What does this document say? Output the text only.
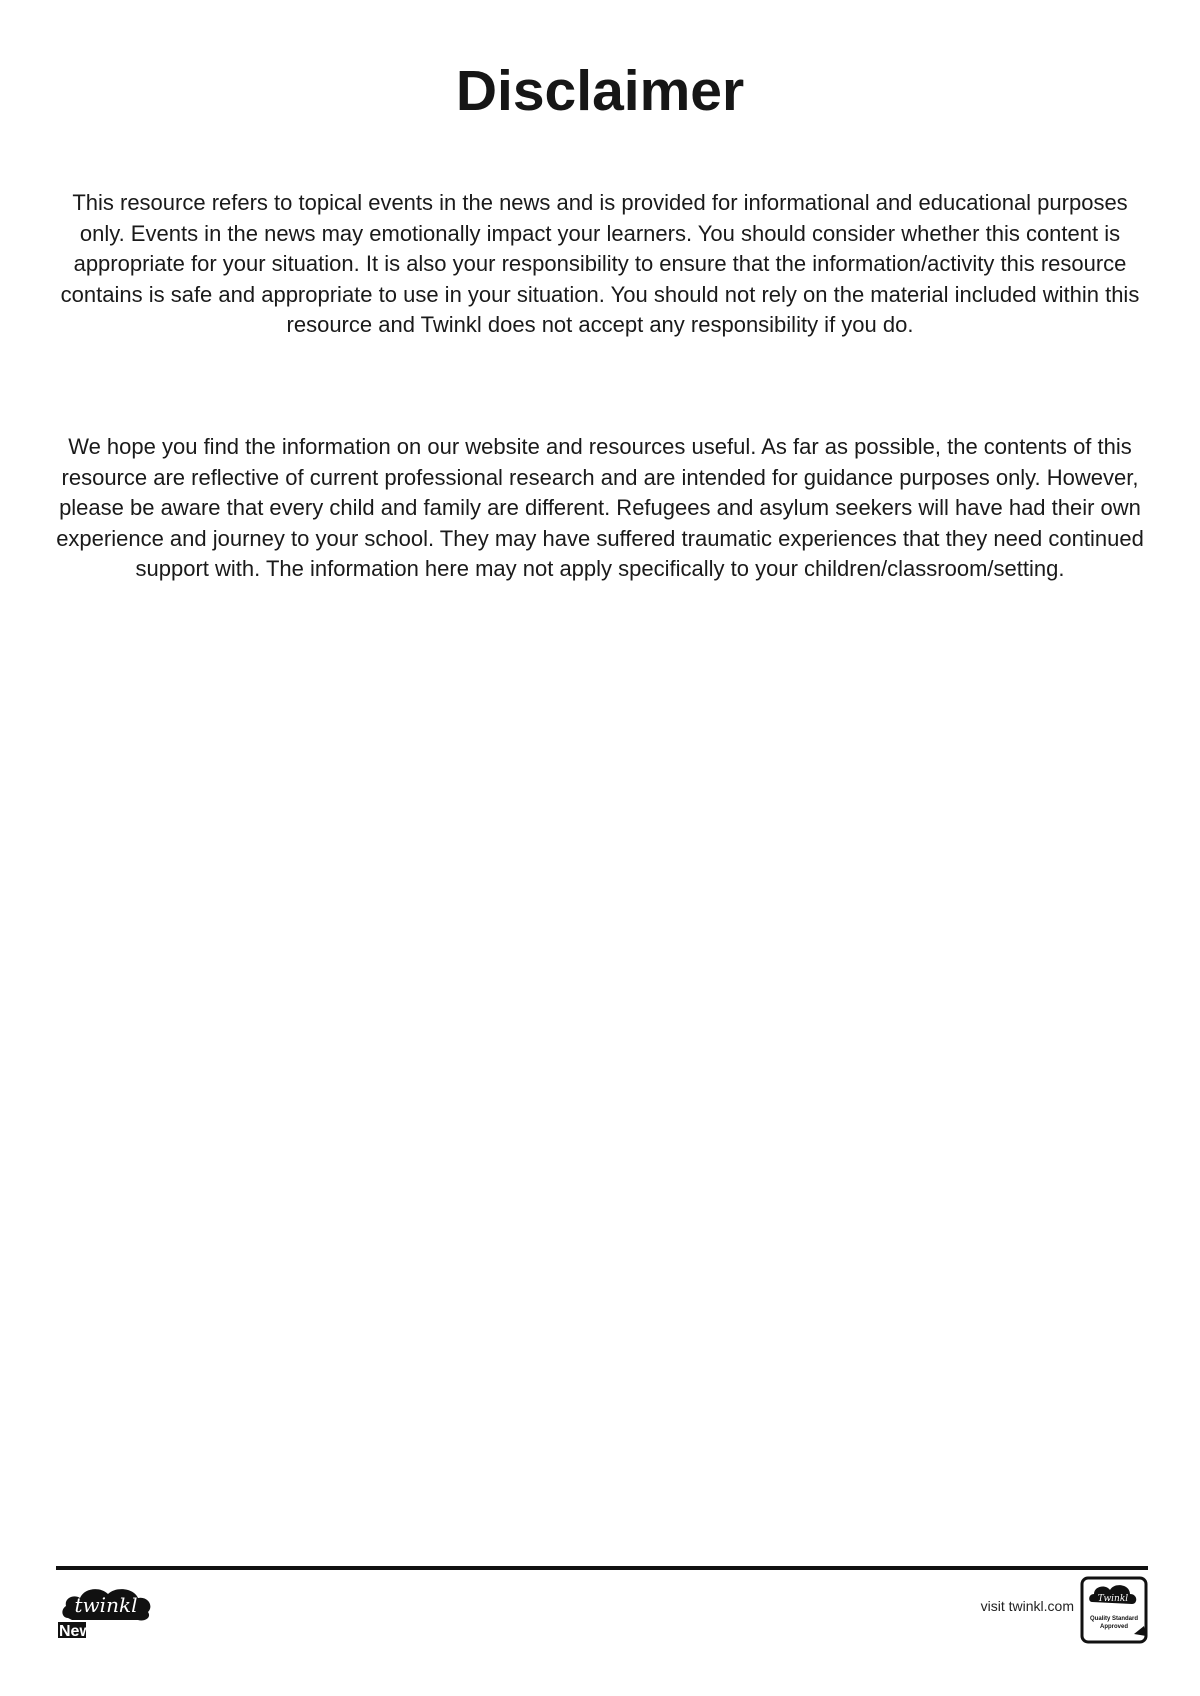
Disclaimer

This resource refers to topical events in the news and is provided for informational and educational purposes only. Events in the news may emotionally impact your learners. You should consider whether this content is appropriate for your situation. It is also your responsibility to ensure that the information/activity this resource contains is safe and appropriate to use in your situation. You should not rely on the material included within this resource and Twinkl does not accept any responsibility if you do.

We hope you find the information on our website and resources useful. As far as possible, the contents of this resource are reflective of current professional research and are intended for guidance purposes only. However, please be aware that every child and family are different. Refugees and asylum seekers will have had their own experience and journey to your school. They may have suffered traumatic experiences that they need continued support with. The information here may not apply specifically to your children/classroom/setting.

twinkl
NewsRoom
visit twinkl.com	Twinkl
Quality Standard
Approved
